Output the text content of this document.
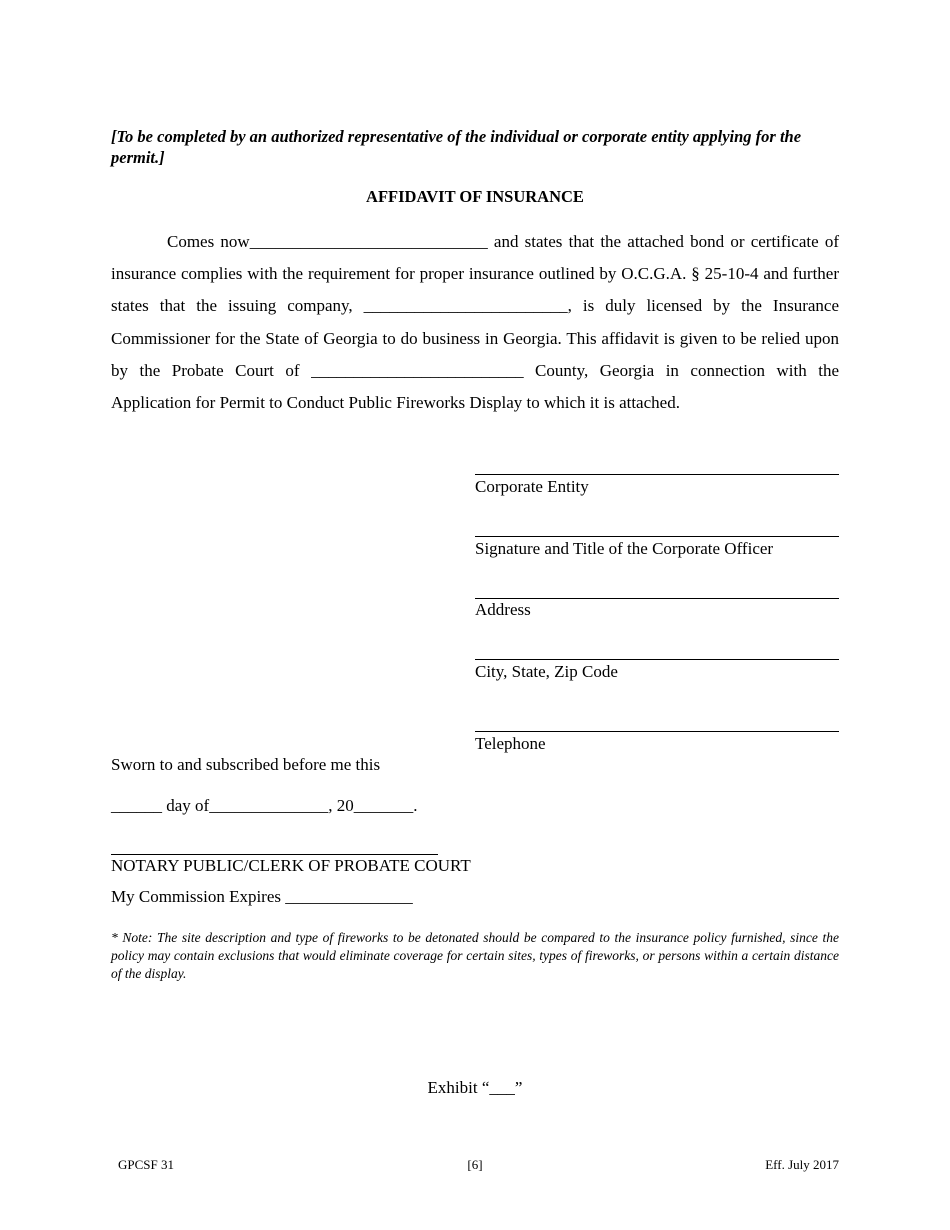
[To be completed by an authorized representative of the individual or corporate entity applying for the permit.]
AFFIDAVIT OF INSURANCE
Comes now____________________________ and states that the attached bond or certificate of insurance complies with the requirement for proper insurance outlined by O.C.G.A. § 25-10-4 and further states that the issuing company, ________________________, is duly licensed by the Insurance Commissioner for the State of Georgia to do business in Georgia. This affidavit is given to be relied upon by the Probate Court of _________________________ County, Georgia in connection with the Application for Permit to Conduct Public Fireworks Display to which it is attached.
Corporate Entity
Signature and Title of the Corporate Officer
Address
City, State, Zip Code
Telephone
Sworn to and subscribed before me this
______ day of______________, 20_______.
NOTARY PUBLIC/CLERK OF PROBATE COURT
My Commission Expires _______________
* Note: The site description and type of fireworks to be detonated should be compared to the insurance policy furnished, since the policy may contain exclusions that would eliminate coverage for certain sites, types of fireworks, or persons within a certain distance of the display.
Exhibit “___”
GPCSF 31	[6]	Eff. July 2017
